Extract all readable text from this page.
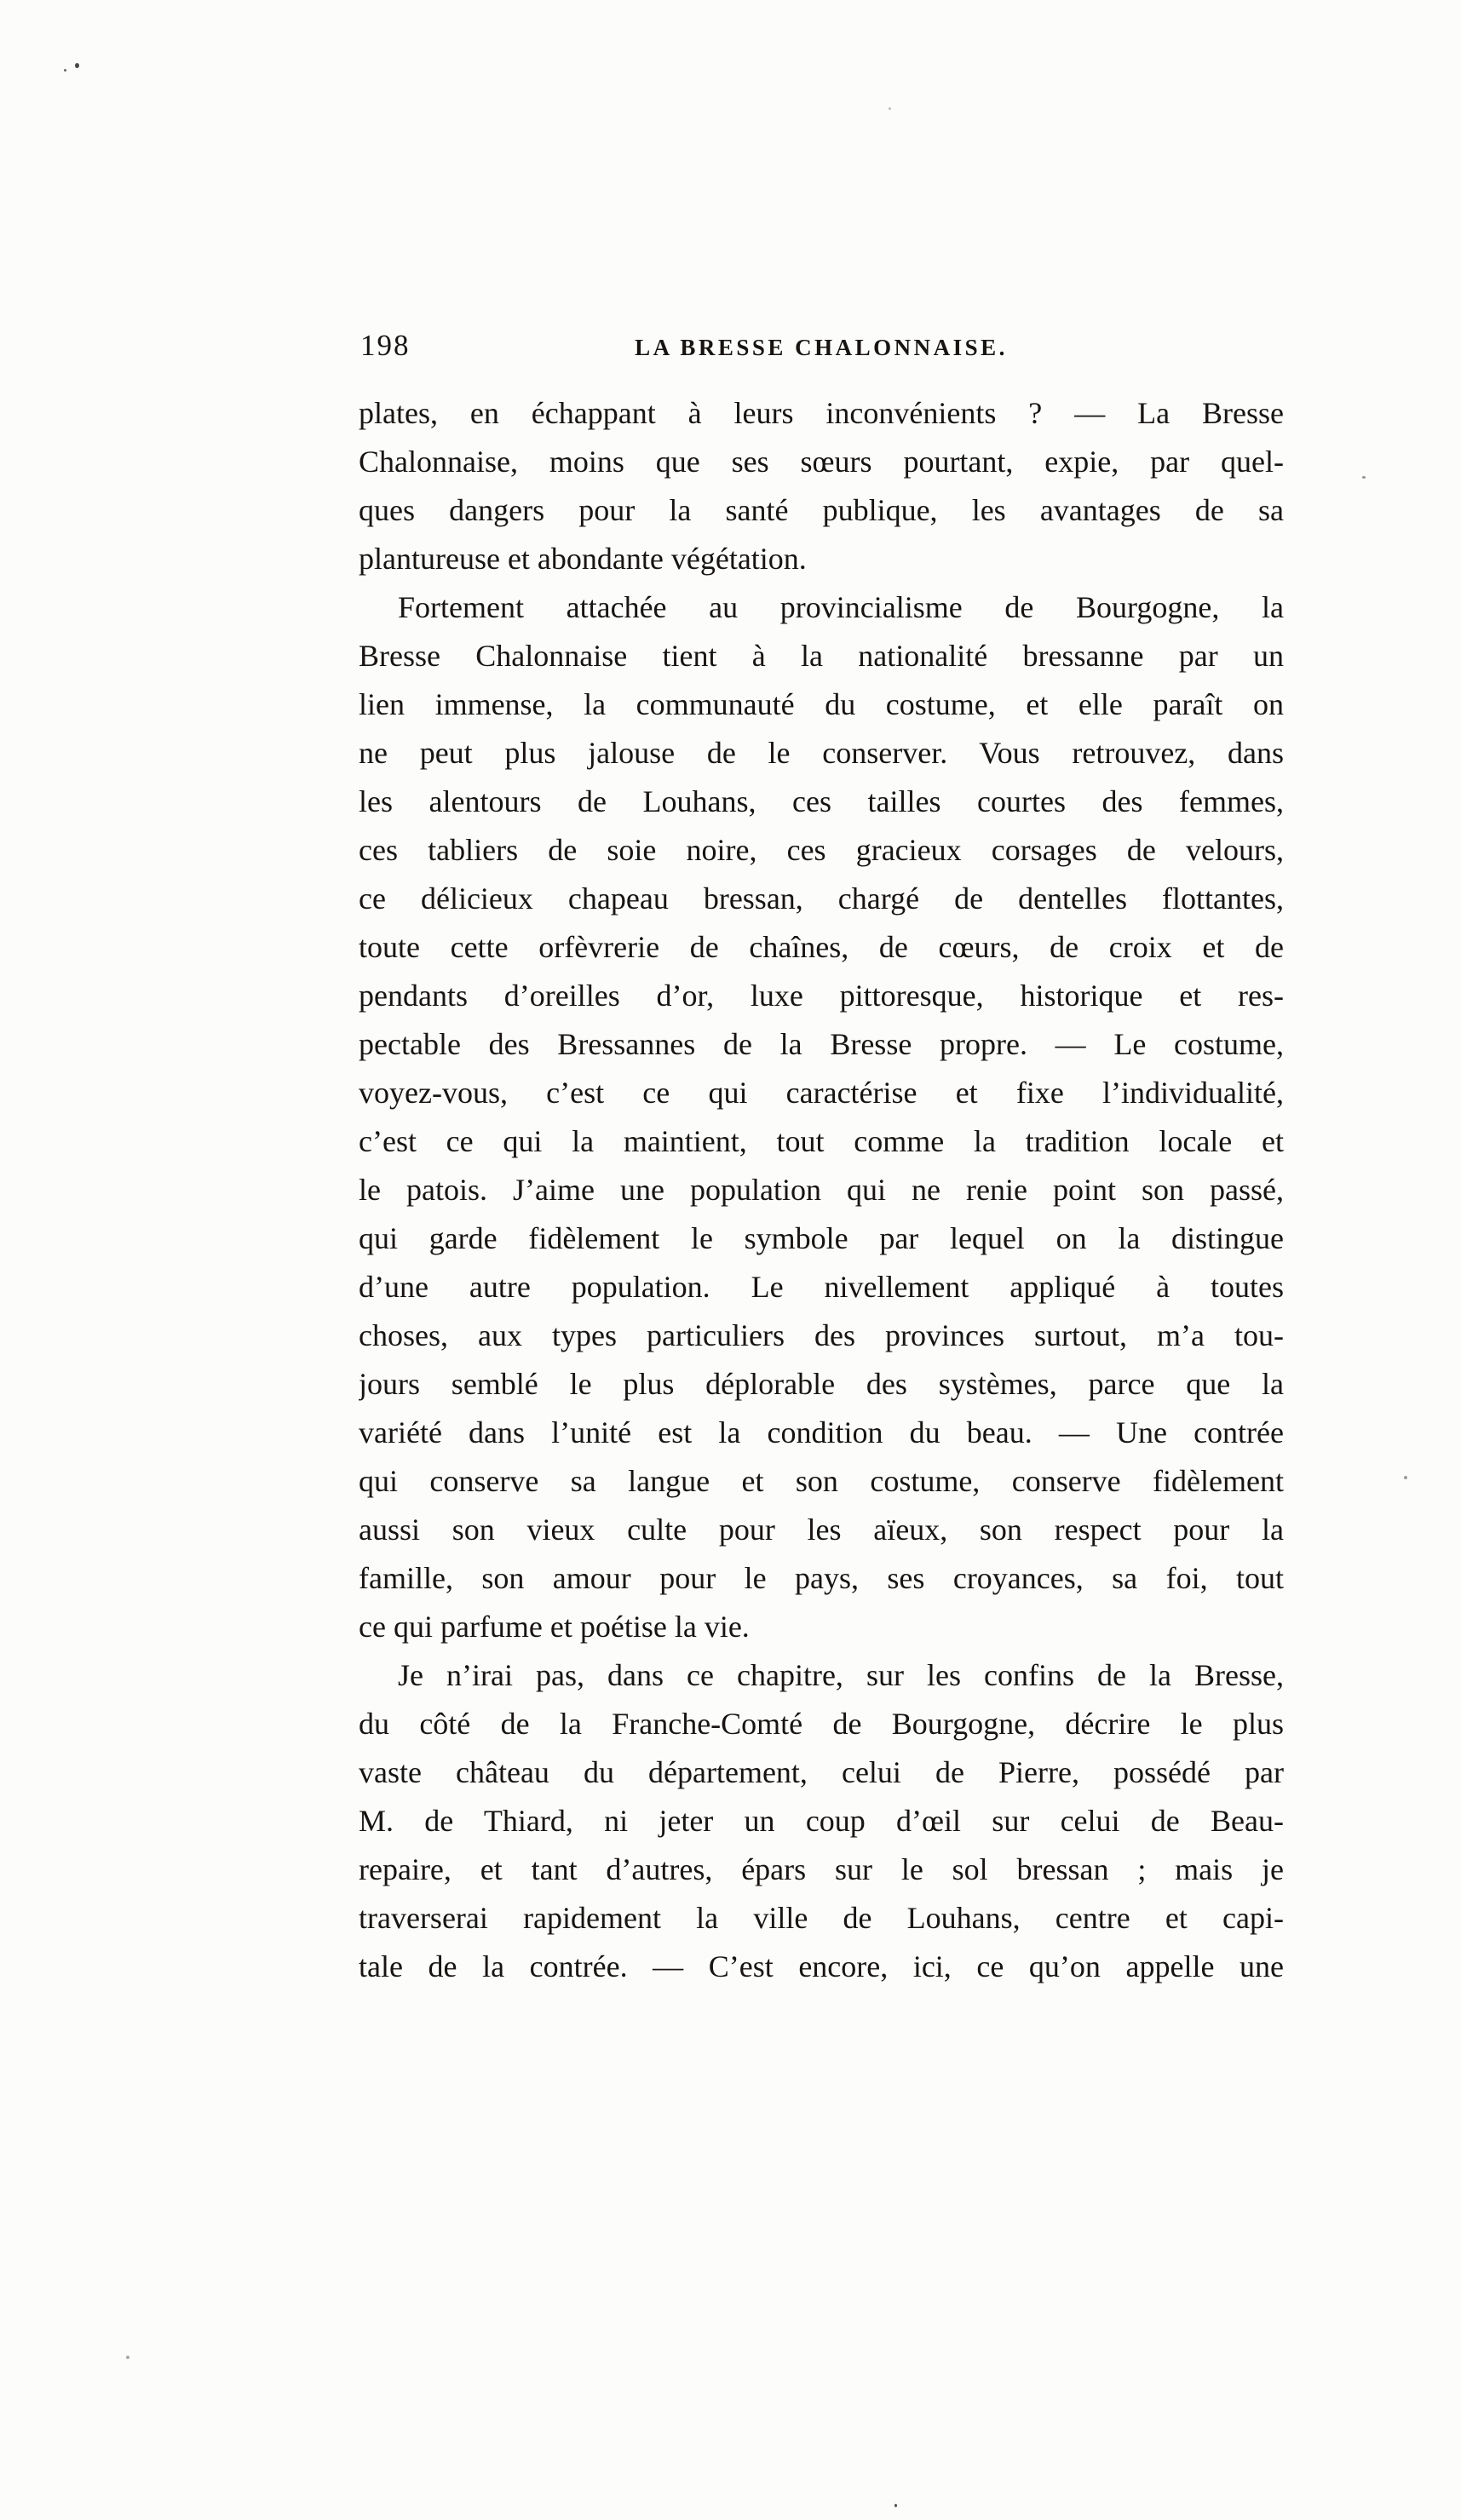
198	LA BRESSE CHALONNAISE.
plates, en échappant à leurs inconvénients ? — La Bresse
Chalonnaise, moins que ses sœurs pourtant, expie, par quel-
ques dangers pour la santé publique, les avantages de sa
plantureuse et abondante végétation.
Fortement attachée au provincialisme de Bourgogne, la
Bresse Chalonnaise tient à la nationalité bressanne par un
lien immense, la communauté du costume, et elle paraît on
ne peut plus jalouse de le conserver. Vous retrouvez, dans
les alentours de Louhans, ces tailles courtes des femmes,
ces tabliers de soie noire, ces gracieux corsages de velours,
ce délicieux chapeau bressan, chargé de dentelles flottantes,
toute cette orfèvrerie de chaînes, de cœurs, de croix et de
pendants d’oreilles d’or, luxe pittoresque, historique et res-
pectable des Bressannes de la Bresse propre. — Le costume,
voyez-vous, c’est ce qui caractérise et fixe l’individualité,
c’est ce qui la maintient, tout comme la tradition locale et
le patois. J’aime une population qui ne renie point son passé,
qui garde fidèlement le symbole par lequel on la distingue
d’une autre population. Le nivellement appliqué à toutes
choses, aux types particuliers des provinces surtout, m’a tou-
jours semblé le plus déplorable des systèmes, parce que la
variété dans l’unité est la condition du beau. — Une contrée
qui conserve sa langue et son costume, conserve fidèlement
aussi son vieux culte pour les aïeux, son respect pour la
famille, son amour pour le pays, ses croyances, sa foi, tout
ce qui parfume et poétise la vie.
Je n’irai pas, dans ce chapitre, sur les confins de la Bresse,
du côté de la Franche-Comté de Bourgogne, décrire le plus
vaste château du département, celui de Pierre, possédé par
M. de Thiard, ni jeter un coup d’œil sur celui de Beau-
repaire, et tant d’autres, épars sur le sol bressan ; mais je
traverserai rapidement la ville de Louhans, centre et capi-
tale de la contrée. — C’est encore, ici, ce qu’on appelle une
